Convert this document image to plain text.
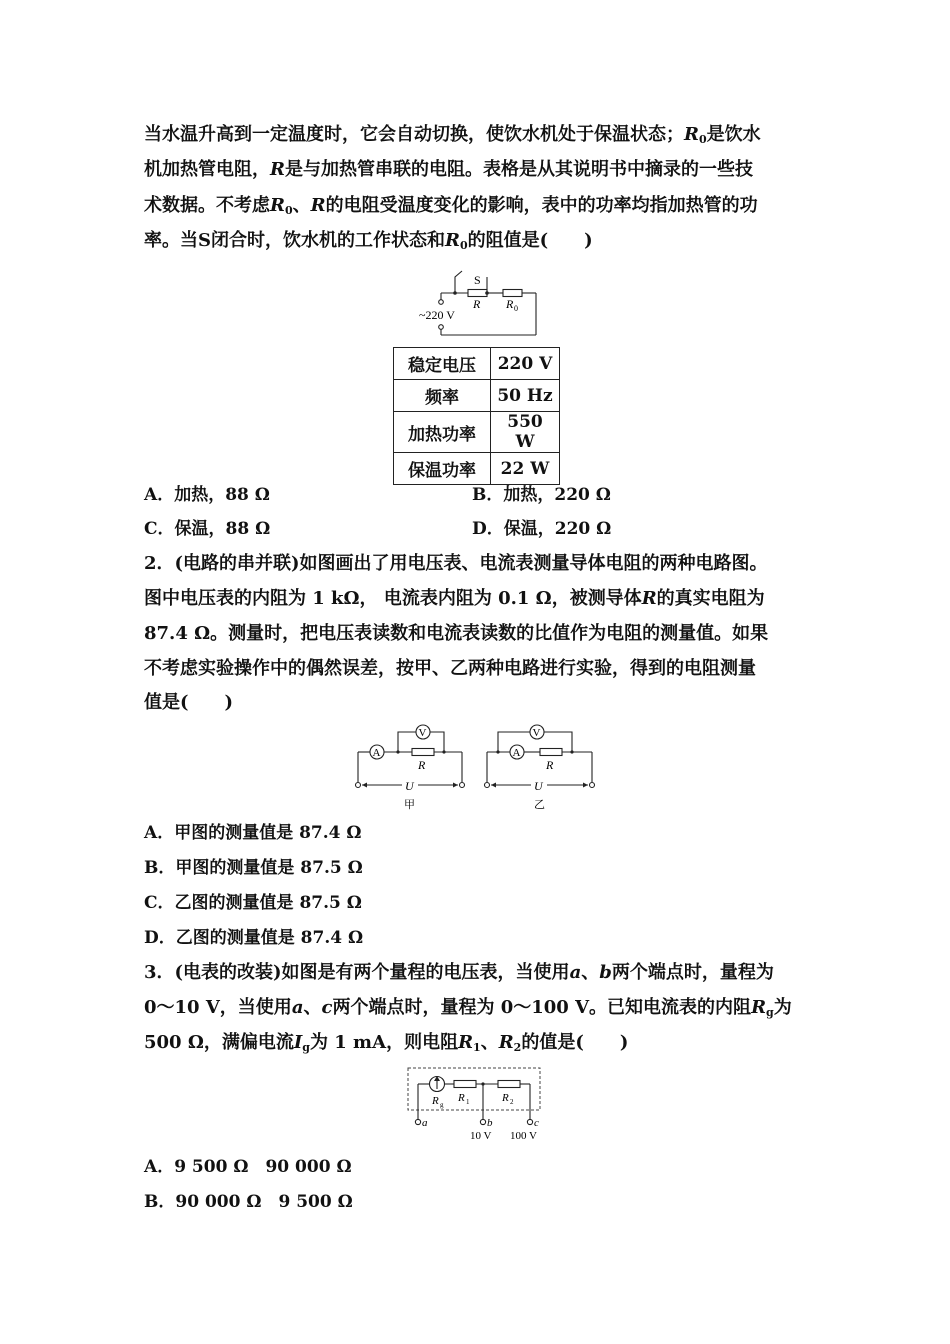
当水温升高到一定温度时，它会自动切换，使饮水机处于保温状态；$R_0$是饮水
机加热管电阻，R是与加热管串联的电阻。表格是从其说明书中摘录的一些技
术数据。不考虑$R_0$、R的电阻受温度变化的影响，表中的功率均指加热管的功
率。当S闭合时，饮水机的工作状态和$R_0$的阻值是(　　)
S
R R 0
~220 V
稳定电压	220 V
频率	50 Hz
加热功率	550 W
保温功率	22 W
A．加热，88 Ω	B．加热，220 Ω
C．保温，88 Ω	D．保温，220 Ω
2．(电路的串并联)如图画出了用电压表、电流表测量导体电阻的两种电路图。
图中电压表的内阻为 1 kΩ， 电流表内阻为 0.1 Ω，被测导体R的真实电阻为
87.4 Ω。测量时，把电压表读数和电流表读数的比值作为电阻的测量值。如果
不考虑实验操作中的偶然误差，按甲、乙两种电路进行实验，得到的电阻测量
值是(　　)
A
V
R
U
甲
A
V
R
U
乙
A．甲图的测量值是 87.4 Ω
B．甲图的测量值是 87.5 Ω
C．乙图的测量值是 87.5 Ω
D．乙图的测量值是 87.4 Ω
3．(电表的改装)如图是有两个量程的电压表，当使用a、b两个端点时，量程为
0～10 V，当使用a、c两个端点时，量程为 0～100 V。已知电流表的内阻$R_g$为
500 Ω，满偏电流$I_g$为 1 mA，则电阻$R_1$、$R_2$的值是(　　)
R g
R 1	R 2
a	b	c
10 V 100 V
A．9 500 Ω　90 000 Ω
B．90 000 Ω　9 500 Ω
